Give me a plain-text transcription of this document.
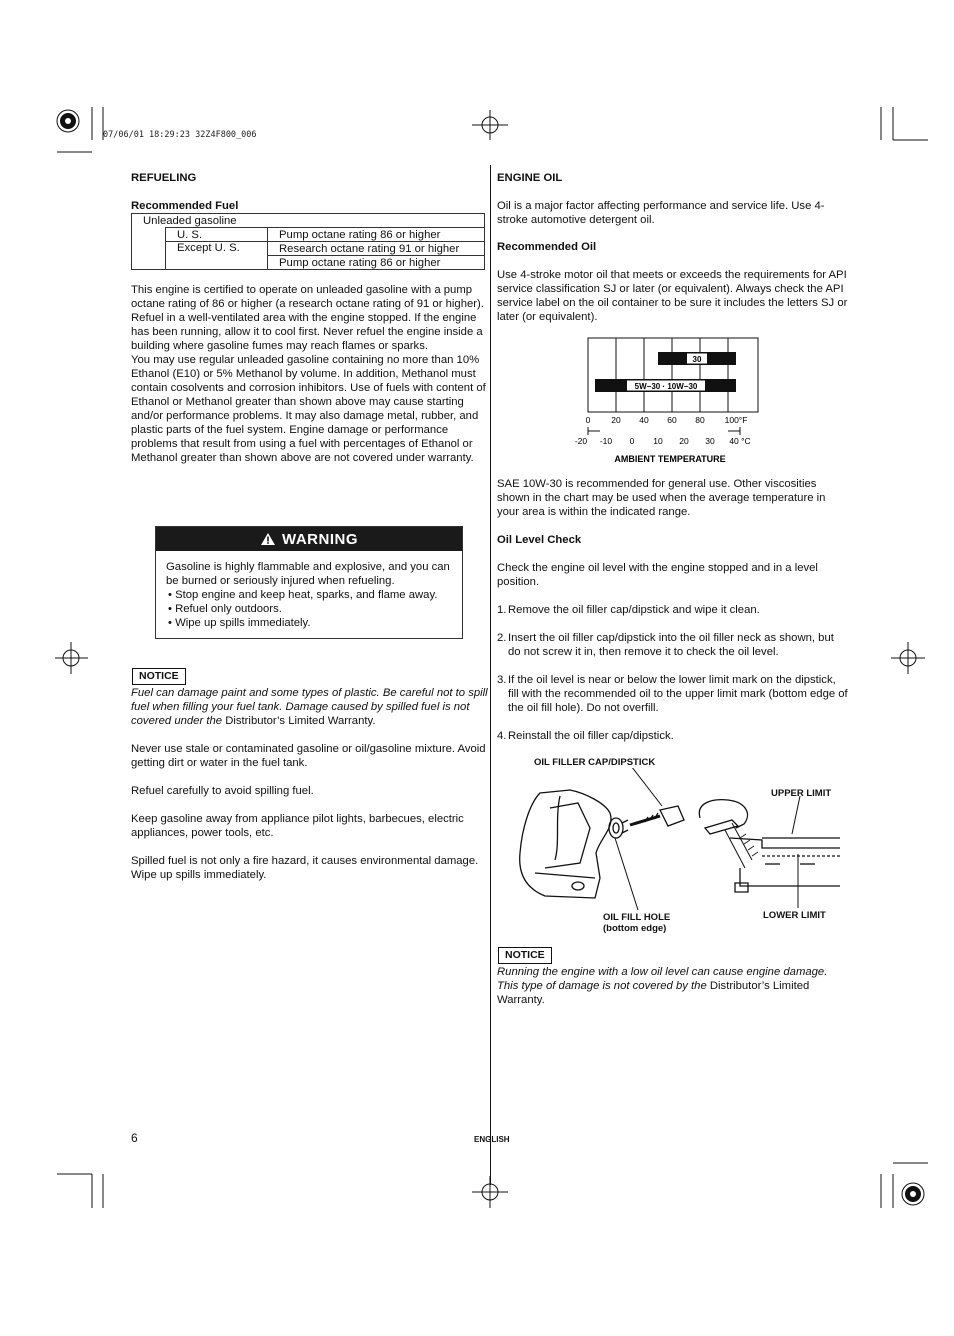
07/06/01 18:29:23 32Z4F800_006
REFUELING
Recommended Fuel
Unleaded gasoline		
	U. S.	Pump octane rating 86 or higher
	Except U. S.	Research octane rating 91 or higher
		Pump octane rating 86 or higher

This engine is certified to operate on unleaded gasoline with a pump octane rating of 86 or higher (a research octane rating of 91 or higher).

Refuel in a well-ventilated area with the engine stopped. If the engine has been running, allow it to cool first. Never refuel the engine inside a building where gasoline fumes may reach flames or sparks.

You may use regular unleaded gasoline containing no more than 10% Ethanol (E10) or 5% Methanol by volume. In addition, Methanol must contain cosolvents and corrosion inhibitors. Use of fuels with content of Ethanol or Methanol greater than shown above may cause starting and/or performance problems. It may also damage metal, rubber, and plastic parts of the fuel system. Engine damage or performance problems that result from using a fuel with percentages of Ethanol or Methanol greater than shown above are not covered under warranty.

WARNING
Gasoline is highly flammable and explosive, and you can be burned or seriously injured when refueling.
• Stop engine and keep heat, sparks, and flame away.
• Refuel only outdoors.
• Wipe up spills immediately.
NOTICE
Fuel can damage paint and some types of plastic. Be careful not to spill fuel when filling your fuel tank. Damage caused by spilled fuel is not covered under the Distributor’s Limited Warranty.

Never use stale or contaminated gasoline or oil/gasoline mixture. Avoid getting dirt or water in the fuel tank.

Refuel carefully to avoid spilling fuel.

Keep gasoline away from appliance pilot lights, barbecues, electric appliances, power tools, etc.

Spilled fuel is not only a fire hazard, it causes environmental damage. Wipe up spills immediately.

6	ENGLISH
ENGINE OIL
Oil is a major factor affecting performance and service life. Use 4-stroke automotive detergent oil.
Recommended Oil
Use 4-stroke motor oil that meets or exceeds the requirements for API service classification SJ or later (or equivalent). Always check the API service label on the oil container to be sure it includes the letters SJ or later (or equivalent).
30
5W−30 · 10W−30
0 20 40 60 80 100°F
-20 -10 0 10 20 30 40 °C
AMBIENT TEMPERATURE
SAE 10W-30 is recommended for general use. Other viscosities shown in the chart may be used when the average temperature in your area is within the indicated range.
Oil Level Check
Check the engine oil level with the engine stopped and in a level position.
1. Remove the oil filler cap/dipstick and wipe it clean.
2. Insert the oil filler cap/dipstick into the oil filler neck as shown, but do not screw it in, then remove it to check the oil level.
3. If the oil level is near or below the lower limit mark on the dipstick, fill with the recommended oil to the upper limit mark (bottom edge of the oil fill hole). Do not overfill.
4. Reinstall the oil filler cap/dipstick.
OIL FILLER CAP/DIPSTICK
UPPER LIMIT
LOWER LIMIT
OIL FILL HOLE
(bottom edge)
NOTICE
Running the engine with a low oil level can cause engine damage. This type of damage is not covered by the Distributor’s Limited Warranty.
